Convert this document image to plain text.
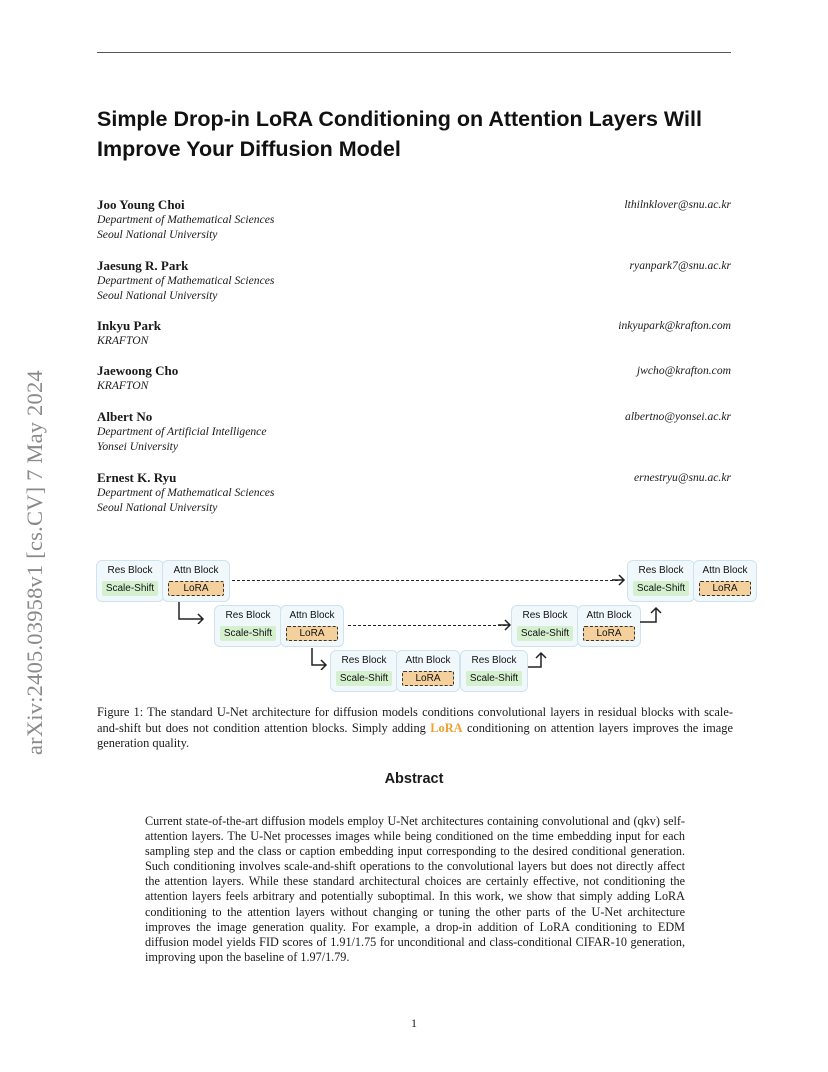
arXiv:2405.03958v1 [cs.CV] 7 May 2024
Simple Drop-in LoRA Conditioning on Attention Layers Will Improve Your Diffusion Model
Joo Young Choi
Department of Mathematical Sciences
Seoul National University
lthilnklover@snu.ac.kr
Jaesung R. Park
Department of Mathematical Sciences
Seoul National University
ryanpark7@snu.ac.kr
Inkyu Park
KRAFTON
inkyupark@krafton.com
Jaewoong Cho
KRAFTON
jwcho@krafton.com
Albert No
Department of Artificial Intelligence
Yonsei University
albertno@yonsei.ac.kr
Ernest K. Ryu
Department of Mathematical Sciences
Seoul National University
ernestryu@snu.ac.kr
Res Block
Scale-Shift
Attn Block
LoRA
Res Block
Scale-Shift
Attn Block
LoRA
Res Block
Scale-Shift
Attn Block
LoRA
Res Block
Scale-Shift
Attn Block
LoRA
Res Block
Scale-Shift
Attn Block
LoRA
Res Block
Scale-Shift

Figure 1: The standard U-Net architecture for diffusion models conditions convolutional layers in residual blocks with scale-and-shift but does not condition attention blocks. Simply adding LoRA conditioning on attention layers improves the image generation quality.

Abstract

Current state-of-the-art diffusion models employ U-Net architectures containing convolutional and (qkv) self-attention layers. The U-Net processes images while being conditioned on the time embedding input for each sampling step and the class or caption embedding input corresponding to the desired conditional generation. Such conditioning involves scale-and-shift operations to the convolutional layers but does not directly affect the attention layers. While these standard architectural choices are certainly effective, not conditioning the attention layers feels arbitrary and potentially suboptimal. In this work, we show that simply adding LoRA conditioning to the attention layers without changing or tuning the other parts of the U-Net architecture improves the image generation quality. For example, a drop-in addition of LoRA conditioning to EDM diffusion model yields FID scores of 1.91/1.75 for unconditional and class-conditional CIFAR-10 generation, improving upon the baseline of 1.97/1.79.

1
